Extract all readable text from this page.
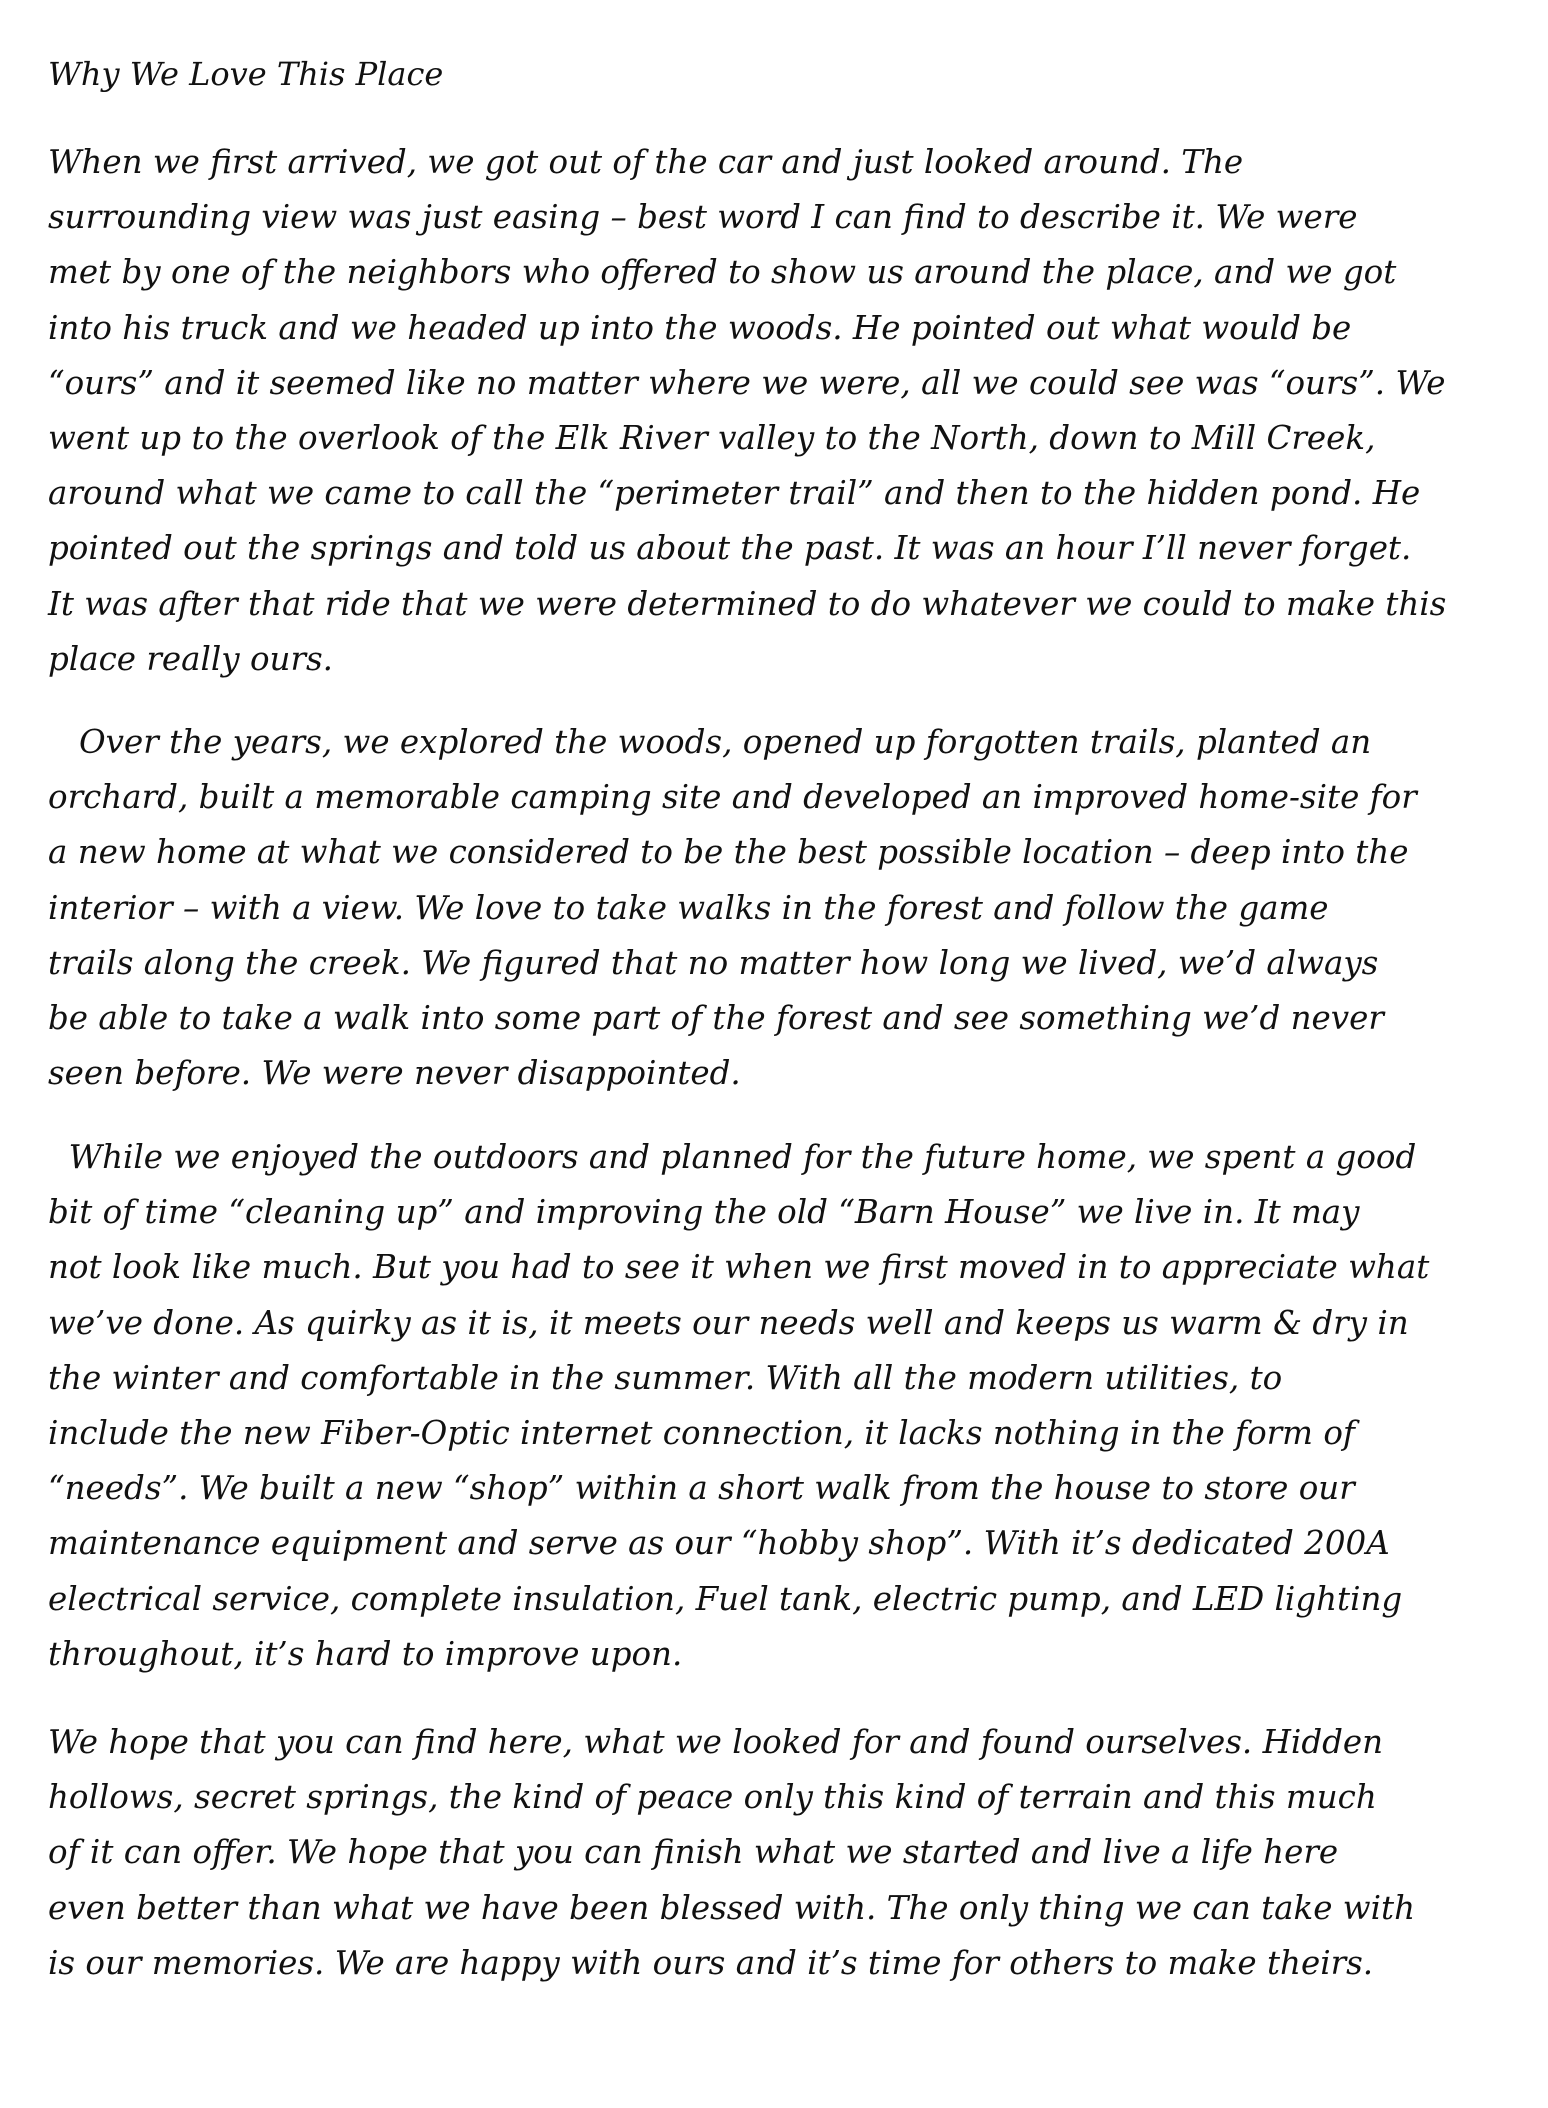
Why We Love This Place
When we first arrived, we got out of the car and just looked around. The
surrounding view was just easing – best word I can find to describe it. We were
met by one of the neighbors who offered to show us around the place, and we got
into his truck and we headed up into the woods. He pointed out what would be
“ours” and it seemed like no matter where we were, all we could see was “ours”. We
went up to the overlook of the Elk River valley to the North, down to Mill Creek,
around what we came to call the “perimeter trail” and then to the hidden pond. He
pointed out the springs and told us about the past. It was an hour I’ll never forget.
It was after that ride that we were determined to do whatever we could to make this
place really ours.
Over the years, we explored the woods, opened up forgotten trails, planted an
orchard, built a memorable camping site and developed an improved home-site for
a new home at what we considered to be the best possible location – deep into the
interior – with a view. We love to take walks in the forest and follow the game
trails along the creek. We figured that no matter how long we lived, we’d always
be able to take a walk into some part of the forest and see something we’d never
seen before. We were never disappointed.
While we enjoyed the outdoors and planned for the future home, we spent a good
bit of time “cleaning up” and improving the old “Barn House” we live in. It may
not look like much. But you had to see it when we first moved in to appreciate what
we’ve done. As quirky as it is, it meets our needs well and keeps us warm & dry in
the winter and comfortable in the summer. With all the modern utilities, to
include the new Fiber-Optic internet connection, it lacks nothing in the form of
“needs”. We built a new “shop” within a short walk from the house to store our
maintenance equipment and serve as our “hobby shop”. With it’s dedicated 200A
electrical service, complete insulation, Fuel tank, electric pump, and LED lighting
throughout, it’s hard to improve upon.
We hope that you can find here, what we looked for and found ourselves. Hidden
hollows, secret springs, the kind of peace only this kind of terrain and this much
of it can offer. We hope that you can finish what we started and live a life here
even better than what we have been blessed with. The only thing we can take with
is our memories. We are happy with ours and it’s time for others to make theirs.
